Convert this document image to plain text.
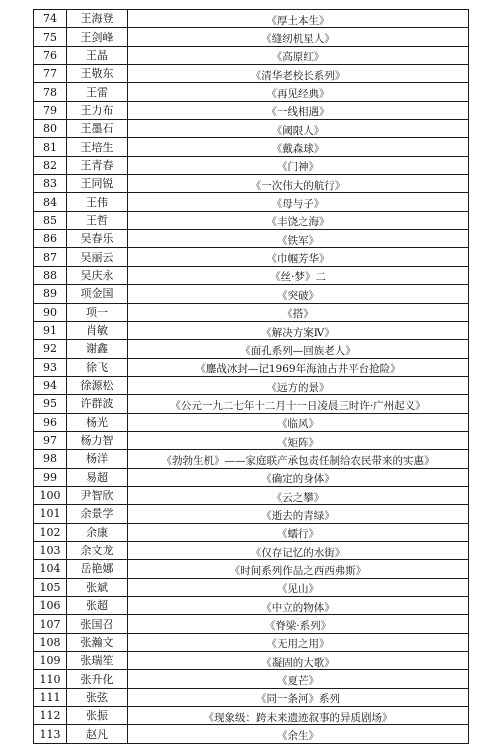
74	王海登	《厚土本生》
75	王剑峰	《缝纫机星人》
76	王晶	《高原红》
77	王敬东	《清华老校长系列》
78	王雷	《再见经典》
79	王力布	《一线相遇》
80	王墨石	《阈限人》
81	王培生	《戴森球》
82	王青春	《门神》
83	王同锐	《一次伟大的航行》
84	王伟	《母与子》
85	王哲	《丰饶之海》
86	吴春乐	《铁军》
87	吴丽云	《巾帼芳华》
88	吴庆永	《丝·梦》二
89	项金国	《突破》
90	项一	《搭》
91	肖敏	《解决方案Ⅳ》
92	谢鑫	《面孔系列—回族老人》
93	徐飞	《鏖战冰封—记1969年海油占井平台抢险》
94	徐源松	《远方的景》
95	许群波	《公元一九二七年十二月十一日凌晨三时许·广州起义》
96	杨光	《临风》
97	杨力智	《矩阵》
98	杨洋	《勃勃生机》——家庭联产承包责任制给农民带来的实惠》
99	易超	《确定的身体》
100	尹智欣	《云之攀》
101	余景学	《逝去的青绿》
102	余康	《蠕行》
103	余文龙	《仅存记忆的水街》
104	岳艳娜	《时间系列作品之西西弗斯》
105	张斌	《见山》
106	张超	《中立的物体》
107	张国召	《脊梁·系列》
108	张瀚文	《无用之用》
109	张瑞笙	《凝固的大歌》
110	张升化	《夏芒》
111	张弦	《同一条河》系列
112	张振	《现象级：跨未来遗迹叙事的异质剧场》
113	赵凡	《余生》
